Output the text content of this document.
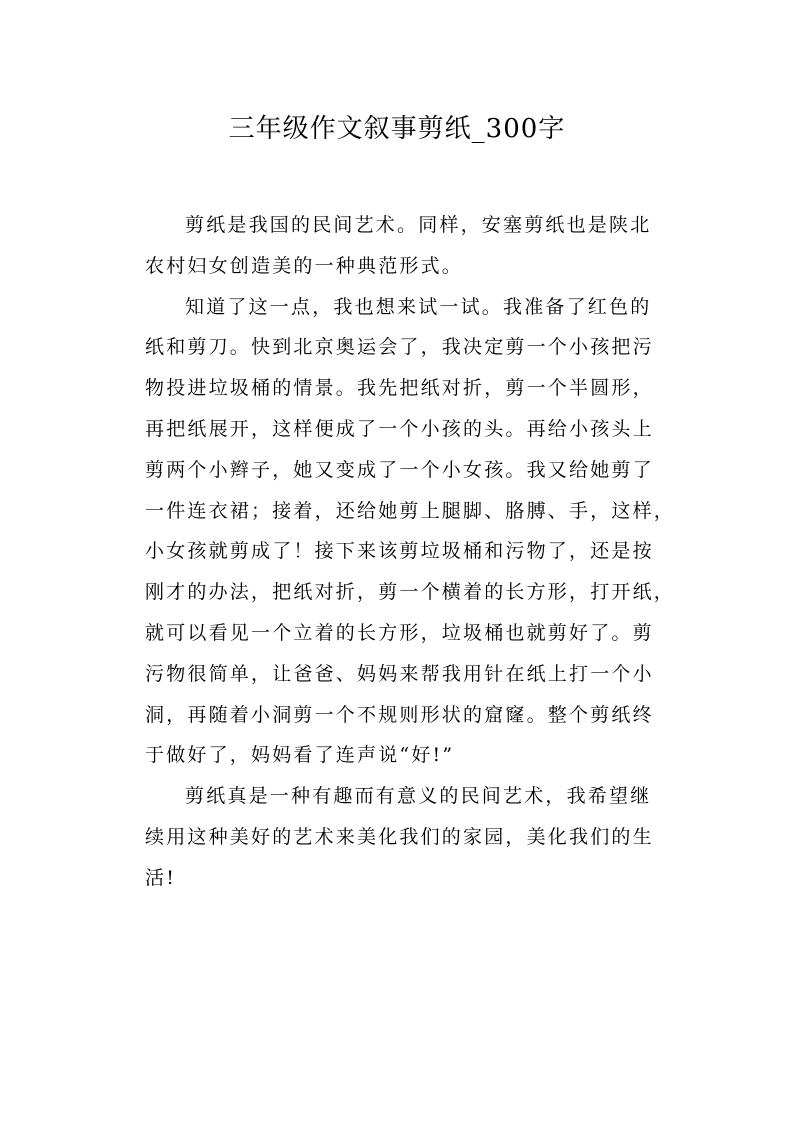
三年级作文叙事剪纸_300字
剪纸是我国的民间艺术。同样，安塞剪纸也是陕北
农村妇女创造美的一种典范形式。
知道了这一点，我也想来试一试。我准备了红色的
纸和剪刀。快到北京奥运会了，我决定剪一个小孩把污
物投进垃圾桶的情景。我先把纸对折，剪一个半圆形，
再把纸展开，这样便成了一个小孩的头。再给小孩头上
剪两个小辫子，她又变成了一个小女孩。我又给她剪了
一件连衣裙；接着，还给她剪上腿脚、胳膊、手，这样，
小女孩就剪成了！接下来该剪垃圾桶和污物了，还是按
刚才的办法，把纸对折，剪一个横着的长方形，打开纸，
就可以看见一个立着的长方形，垃圾桶也就剪好了。剪
污物很简单，让爸爸、妈妈来帮我用针在纸上打一个小
洞，再随着小洞剪一个不规则形状的窟窿。整个剪纸终
于做好了，妈妈看了连声说“好!”
剪纸真是一种有趣而有意义的民间艺术，我希望继
续用这种美好的艺术来美化我们的家园，美化我们的生
活!
